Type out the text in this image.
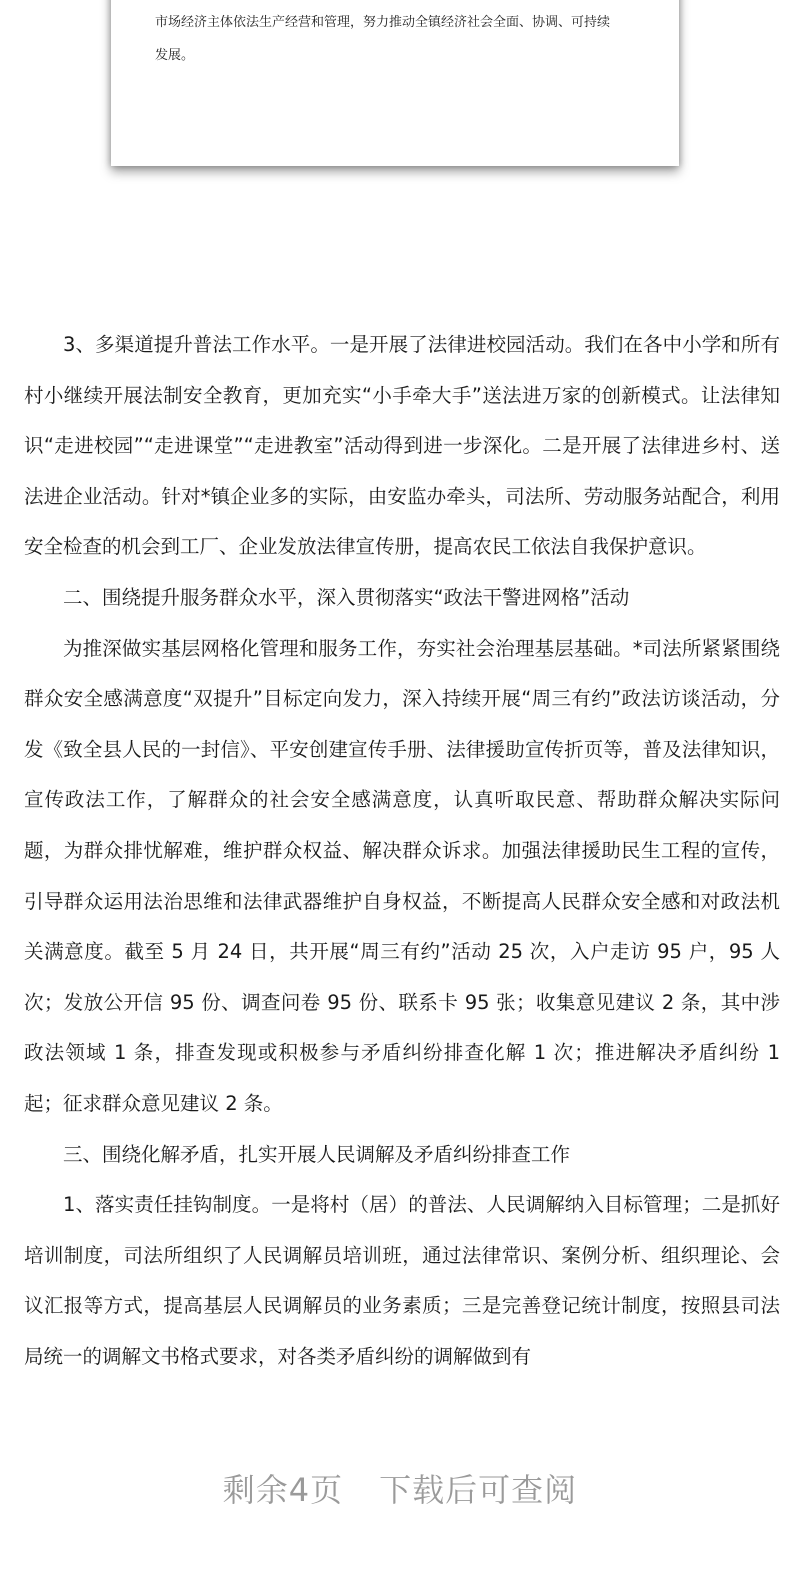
市场经济主体依法生产经营和管理，努力推动全镇经济社会全面、协调、可持续

发展。

3、多渠道提升普法工作水平。一是开展了法律进校园活动。我们在各中小学和所有村小继续开展法制安全教育，更加充实“小手牵大手”送法进万家的创新模式。让法律知识“走进校园”“走进课堂”“走进教室”活动得到进一步深化。二是开展了法律进乡村、送法进企业活动。针对*镇企业多的实际，由安监办牵头，司法所、劳动服务站配合，利用安全检查的机会到工厂、企业发放法律宣传册，提高农民工依法自我保护意识。

二、围绕提升服务群众水平，深入贯彻落实“政法干警进网格”活动

为推深做实基层网格化管理和服务工作，夯实社会治理基层基础。*司法所紧紧围绕群众安全感满意度“双提升”目标定向发力，深入持续开展“周三有约”政法访谈活动，分发《致全县人民的一封信》、平安创建宣传手册、法律援助宣传折页等，普及法律知识，宣传政法工作，了解群众的社会安全感满意度，认真听取民意、帮助群众解决实际问题，为群众排忧解难，维护群众权益、解决群众诉求。加强法律援助民生工程的宣传，引导群众运用法治思维和法律武器维护自身权益，不断提高人民群众安全感和对政法机关满意度。截至 5 月 24 日，共开展“周三有约”活动 25 次，入户走访 95 户，95 人次；发放公开信 95 份、调查问卷 95 份、联系卡 95 张；收集意见建议 2 条，其中涉政法领域 1 条，排查发现或积极参与矛盾纠纷排查化解 1 次；推进解决矛盾纠纷 1 起；征求群众意见建议 2 条。

三、围绕化解矛盾，扎实开展人民调解及矛盾纠纷排查工作

1、落实责任挂钩制度。一是将村（居）的普法、人民调解纳入目标管理；二是抓好培训制度，司法所组织了人民调解员培训班，通过法律常识、案例分析、组织理论、会议汇报等方式，提高基层人民调解员的业务素质；三是完善登记统计制度，按照县司法局统一的调解文书格式要求，对各类矛盾纠纷的调解做到有

剩余4页 下载后可查阅
